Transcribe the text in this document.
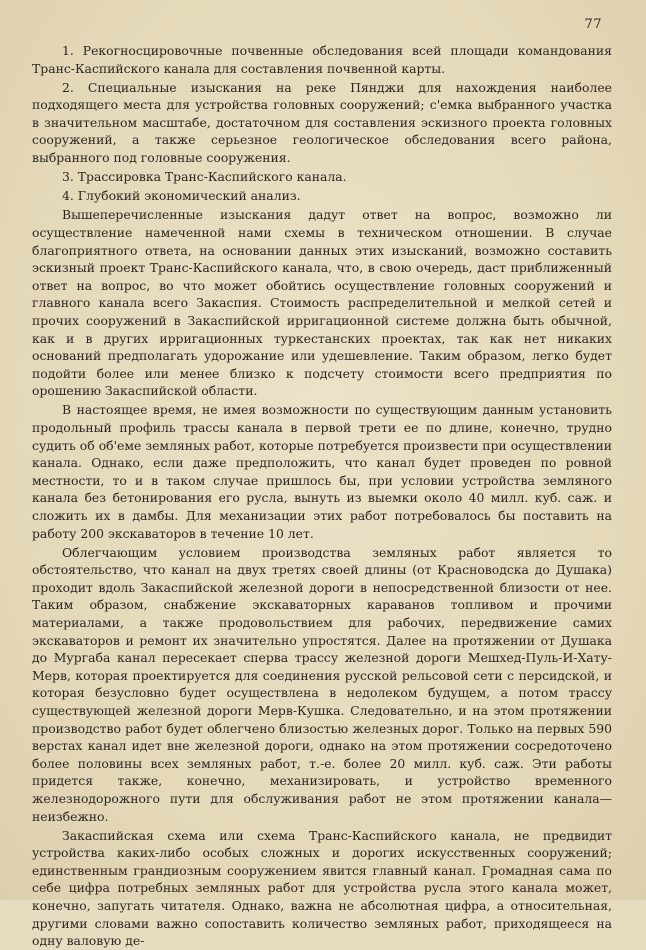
77

1. Рекогносцировочные почвенные обследования всей площади командования Транс-Каспийского канала для составления почвенной карты.

2. Специальные изыскания на реке Пянджи для нахождения наиболее подходящего места для устройства головных сооружений; с'емка выбранного участка в значительном масштабе, достаточном для составления эскизного проекта головных сооружений, а также серьезное геологическое обследования всего района, выбранного под головные сооружения.

3. Трассировка Транс-Каспийского канала.

4. Глубокий экономический анализ.

Вышеперечисленные изыскания дадут ответ на вопрос, возможно ли осуществление намеченной нами схемы в техническом отношении. В случае благоприятного ответа, на основании данных этих изысканий, возможно составить эскизный проект Транс-Каспийского канала, что, в свою очередь, даст приближенный ответ на вопрос, во что может обойтись осуществление головных сооружений и главного канала всего Закаспия. Стоимость распределительной и мелкой сетей и прочих сооружений в Закаспийской ирригационной системе должна быть обычной, как и в других ирригационных туркестанских проектах, так как нет никаких оснований предполагать удорожание или удешевление. Таким образом, легко будет подойти более или менее близко к подсчету стоимости всего предприятия по орошению Закаспийской области.

В настоящее время, не имея возможности по существующим данным установить продольный профиль трассы канала в первой трети ее по длине, конечно, трудно судить об об'еме земляных работ, которые потребуется произвести при осуществлении канала. Однако, если даже предположить, что канал будет проведен по ровной местности, то и в таком случае пришлось бы, при условии устройства земляного канала без бетонирования его русла, вынуть из выемки около 40 милл. куб. саж. и сложить их в дамбы. Для механизации этих работ потребовалось бы поставить на работу 200 экскаваторов в течение 10 лет.

Облегчающим условием производства земляных работ является то обстоятельство, что канал на двух третях своей длины (от Красноводска до Душака) проходит вдоль Закаспийской железной дороги в непосредственной близости от нее. Таким образом, снабжение экскаваторных караванов топливом и прочими материалами, а также продовольствием для рабочих, передвижение самих экскаваторов и ремонт их значительно упростятся. Далее на протяжении от Душака до Мургаба канал пересекает сперва трассу железной дороги Мешхед-Пуль-И-Хату-Мерв, которая проектируется для соединения русской рельсовой сети с персидской, и которая безусловно будет осуществлена в недолеком будущем, а потом трассу существующей железной дороги Мерв-Кушка. Следовательно, и на этом протяжении производство работ будет облегчено близостью железных дорог. Только на первых 590 верстах канал идет вне железной дороги, однако на этом протяжении сосредоточено более половины всех земляных работ, т.-е. более 20 милл. куб. саж. Эти работы придется также, конечно, механизировать, и устройство временного железнодорожного пути для обслуживания работ не этом протяжении канала—неизбежно.

Закаспийская схема или схема Транс-Каспийского канала, не предвидит устройства каких-либо особых сложных и дорогих искусственных сооружений; единственным грандиозным сооружением явится главный канал. Громадная сама по себе цифра потребных земляных работ для устройства русла этого канала может, конечно, запугать читателя. Однако, важна не абсолютная цифра, а относительная, другими словами важно сопоставить количество земляных работ, приходящееся на одну валовую де-
